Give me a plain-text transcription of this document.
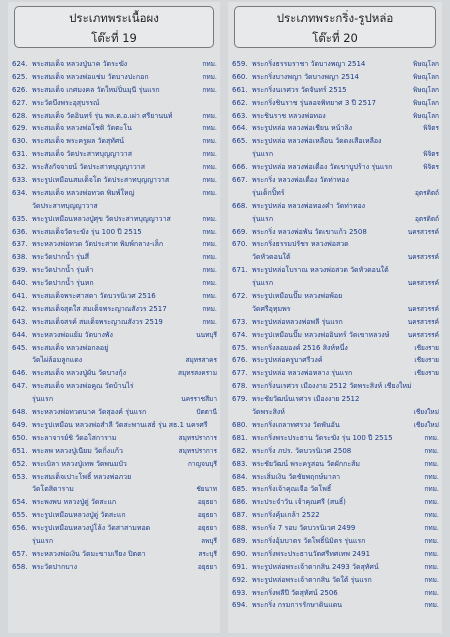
ประเภทพระเนื้อผง
โต๊ะที่ 19
624. พระสมเด็จ หลวงปู่นาค วัดระฆัง	กทม.
625. พระสมเด็จ หลวงพ่อแช่ม วัดบางปะกอก	กทม.
626. พระสมเด็จ เกศมงคล วัดใหม่ปิ่นมุนี รุ่นแรก	กทม.
627. พระวัดบึงพระอุสุบรรณ์
628. พระสมเด็จ วัดอินทร์ รุ่น พล.ต.อ.เผ่า ศรียานนท์	กทม.
629. พระสมเด็จ หลวงพ่อโชติ วัดตะโน	กทม.
630. พระสมเด็จ พระครูผล วัดสุทัศน์	กทม.
631. พระสมเด็จ วัดประสาทบุญญาวาส	กทม.
632. พระสังกัจจายน์ วัดประสาทบุญญาวาส	กทม.
633. พระรูปเหมือนสมเด็จโต วัดประสาทบุญญาวาส	กทม.
634. พระสมเด็จ หลวงพ่อทวด พิมพ์ใหญ่	กทม.
วัดประสาทบุญญาวาส
635. พระรูปเหมือนหลวงปู่ศุข วัดประสาทบุญญาวาส	กทม.
636. พระสมเด็จวัดระฆัง รุ่น 100 ปี 2515	กทม.
637. พระหลวงพ่อทวด วัดประสาท พิมพ์กลาง-เล็ก	กทม.
638. พระวัดปากน้ำ รุ่นสี่	กทม.
639. พระวัดปากน้ำ รุ่นห้า	กทม.
640. พระวัดปากน้ำ รุ่นหก	กทม.
641. พระสมเด็จพระศาสดา วัดบวรนิเวศ 2516	กทม.
642. พระสมเด็จสุดใส สมเด็จพระญาณสังวร 2517	กทม.
643. พระสมเด็จสรค์ สมเด็จพระญาณสังวร 2519	กทม.
644. พระหลวงพ่อแย้ม วัดบางพัง	นนทบุรี
645. พระสมเด็จ หลวงพ่อกลอยู่
วัดไผ่ล้อมลูกแดง	สมุทรสาคร
646. พระสมเด็จ หลวงปู่ผัน วัดบางกุ้ง	สมุทรสงคราม
647. พระสมเด็จ หลวงพ่อคูณ วัดบ้านไร่
รุ่นแรก	นครราชสีมา
648. พระหลวงพ่อทวดนาค วัดสุองค์ รุ่นแรก	ปัตตานี
649. พระรูปเหมือน หลวงพ่อสำลี วัดสะพานเสธ์ รุ่น สธ.1 นครศรี
650. พระลาจารย์ชิ วัดอโสการาม	สมุทรปราการ
651. พระลพ หลวงปู่เนียม วัดกิ่งแก้ว	สมุทรปราการ
652. พระเบิลา หลวงปู่เทพ วัดพนมบัว	กาญจนบุรี
653. พระสมเด็จเปาะโพธิ์ หลวงพ่อภวย
วัดโตสิดาราม	ชัยนาท
654. พระพงพบ หลวงปู่ดู่ วัดสะแก	อยุธยา
655. พระรูปเหมือนหลวงปู่ดู่ วัดสะแก	อยุธยา
656. พระรูปเหมือนหลวงปู่โล้ง วัดสาสามทอด	อยุธยา
รุ่นแรก	ลพบุรี
657. พระหลวงพ่อเงิน วัดมะขามเรียง ปิตตา	สระบุรี
658. พระวัดปากบาง	อยุธยา
ประเภทพระกริ่ง-รูปหล่อ
โต๊ะที่ 20
659. พระกริ่งธรรมราชา วัดบางพญา 2514	พิษณุโลก
660. พระกริ่งบางพญา วัดบางพญา 2514	พิษณุโลก
661. พระกริ่งนเรศวร วัดจันทร์ 2515	พิษณุโลก
662. พระกริ่งชินราช รุ่นลอจพิทยาศ 3 ปี 2517	พิษณุโลก
663. พระชินราช หลวงพ่อทอง	พิษณุโลก
664. พระรูปหล่อ หลวงพ่อเชียน หน้าลิง	พิจิตร
665. พระรูปหล่อ หลวงพ่อเหลือน วัดดงเสือเหลือง
รุ่นแรก	พิจิตร
666. พระรูปหล่อ หลวงพ่อเดื่อง วัดเขาบูปร้าง รุ่นแรก	พิจิตร
667. พระกริ่ง หลวงพ่อเดื่อง วัดท่าทอง
รุ่นเด็กปิ้ทร์	อุตรดิตถ์
668. พระรูปหล่อ หลวงพ่อทองคำ วัดท่าทอง
รุ่นแรก	อุตรดิตถ์
669. พระกริ่ง หลวงพ่อพัน วัดเขาแก้ว 2508	นครสวรรค์
670. พระกริ่งธรรมปรัชร หลวงพ่อสวด
วัดหัวดอนใต้	นครสวรรค์
671. พระรูปหล่อโบราณ หลวงพ่อสวด วัดหัวดอนใต้
รุ่นแรก	นครสวรรค์
672. พระรูปเหมือนปั๊ม หลวงพ่อพ้อย
วัดศรีอุทุมพร	นครสวรรค์
673. พระรูปหล่อหลวงพ่อพลี รุ่นแรก	นครสวรรค์
674. พระรูปเหมือนปั๊ม หลวงพ่ออินทร์ วัดเขาหลวงษ์	นครสวรรค์
675. พระกริ่งลอยองค์ 2516 สิงห์หนึ่ง	เชียงราย
676. พระรูปหล่อครูบาศรีวงค์	เชียงราย
677. พระรูปหล่อ หลวงพ่อหลาง รุ่นแรก	เชียงราย
678. พระกริ่งนเรศวร เมืองงาย 2512 วัดพระสิงห์ เชียงใหม่
679. พระชัยวัฒน์นเรศวร เมืองงาย 2512
วัดพระสิงห์	เชียงใหม่
680. พระกริ่งเถลาทศรวง วัดพันอัน	เชียงใหม่
681. พระกริ่งพระประธาน วัดระฆัง รุ่น 100 ปี 2515	กทม.
682. พระกริ่ง ภปร. วัดบวรนิเวศ 2508	กทม.
683. พระชัยวัฒน์ พระครูสอน วัดผักกะส้ม	กทม.
684. พระเสิ่มเงิน วัดชัยพฤกษ์มาลา	กทม.
685. พระกริ่งเจ้าคุณเจือ วัดโพธิ์	กทม.
686. พระประจำวัน เจ้าคุณศรี (สนธิ์)	กทม.
687. พระกริ่งคุ้มเกล้า 2522	กทม.
688. พระกริ่ง 7 รอบ วัดบวรนิเวศ 2499	กทม.
689. พระกริ่งอุ้มบาตร วัดโพธิ์นิมิตร รุ่นแรก	กทม.
690. พระกริ่งพระประธานวัดศรีทศเทพ 2491	กทม.
691. พระรูปหล่อพระเจ้าตากสิน 2493 วัดสุทัศน์	กทม.
692. พระรูปหล่อพระเจ้าตากสิน วัดใต้ รุ่นแรก	กทม.
693. พระกริ่งพลีปี วัดสุทัศน์ 2506	กทม.
694. พระกริ่ง กรมการรักษาดินแดน	กทม.
